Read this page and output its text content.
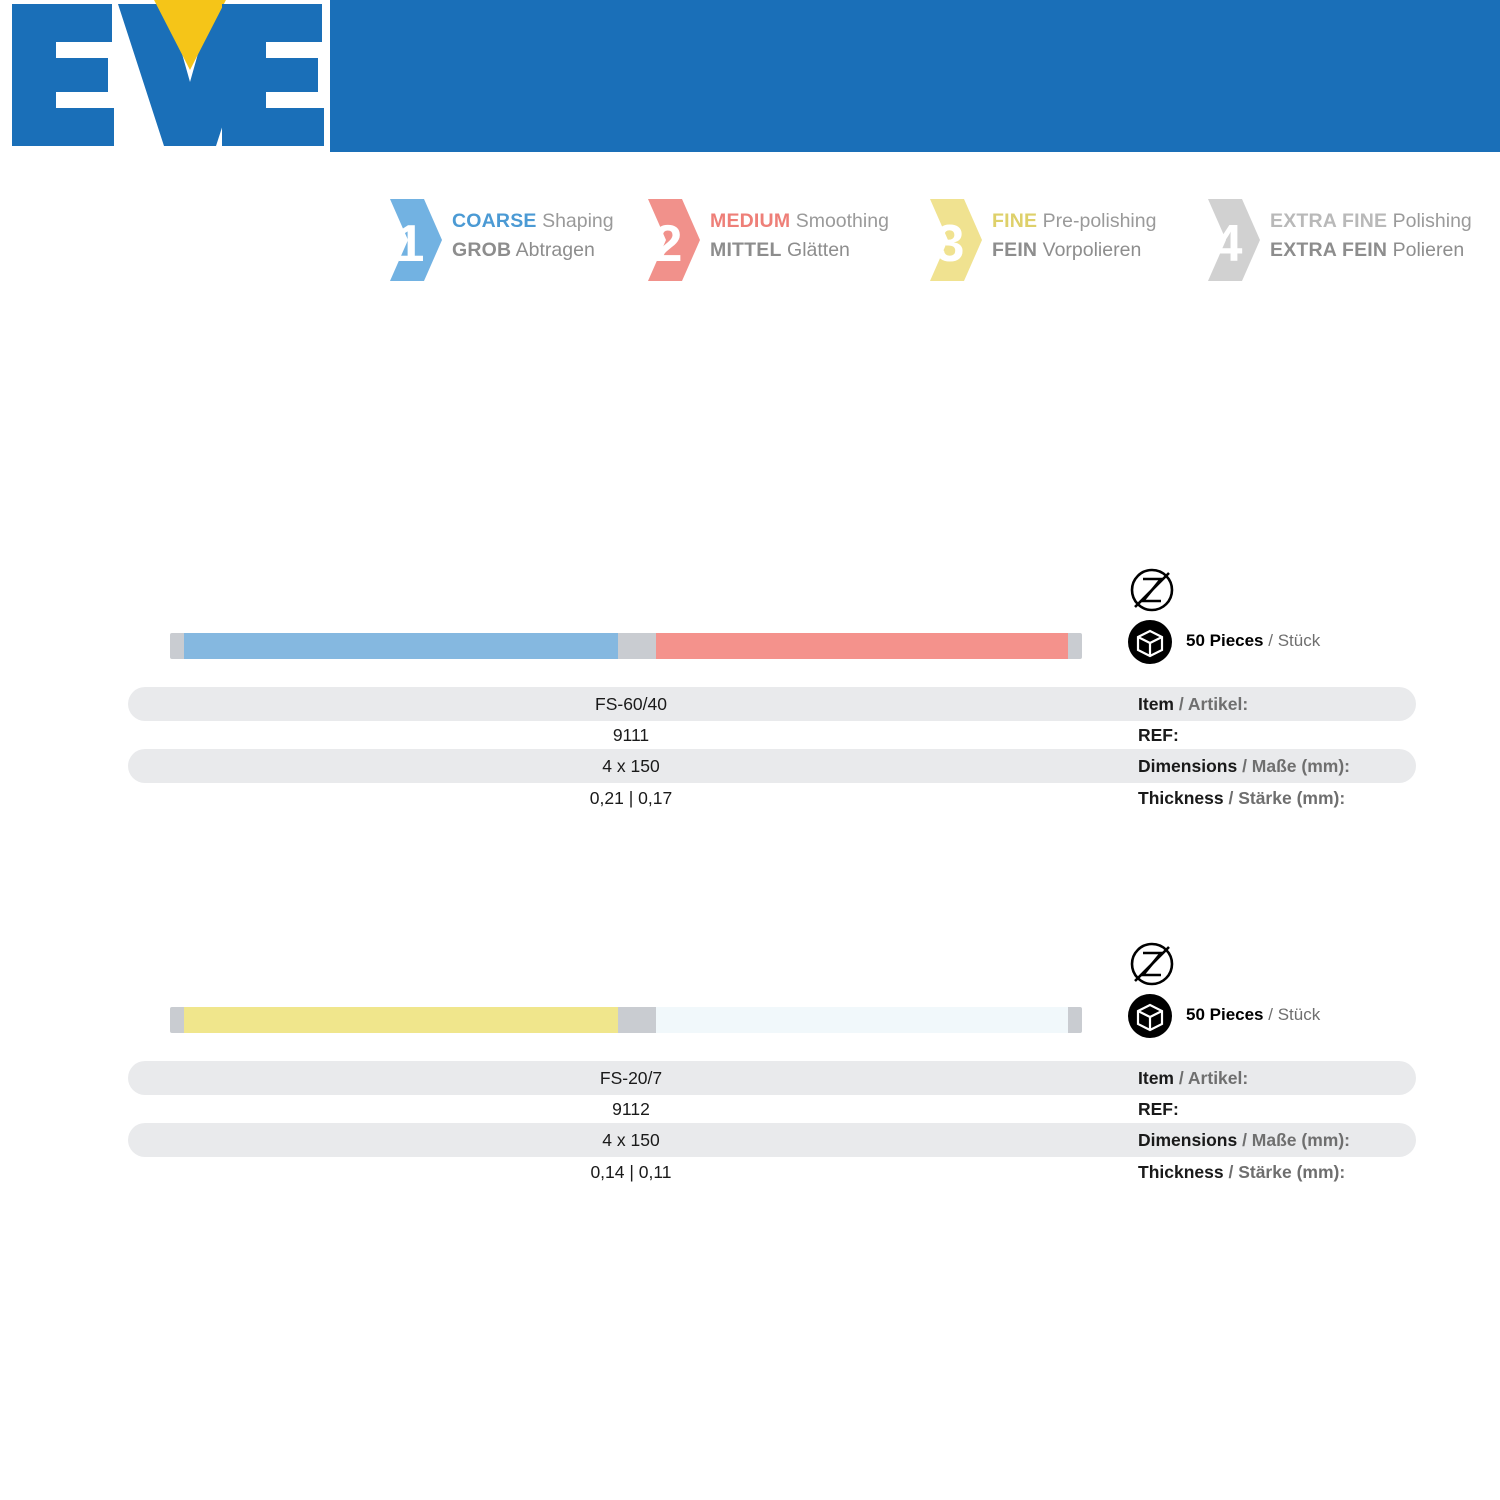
1 COARSE Shaping
GROB Abtragen	2 MEDIUM Smoothing
MITTEL Glätten	3 FINE Pre-polishing
FEIN Vorpolieren 4 EXTRA FINE Polishing
EXTRA FEIN Polieren
50 Pieces / Stück
FS-60/40	Item / Artikel:
9111	REF:
4 x 150	Dimensions / Maße (mm):
0,21 | 0,17	Thickness / Stärke (mm):
50 Pieces / Stück
FS-20/7	Item / Artikel:
9112	REF:
4 x 150	Dimensions / Maße (mm):
0,14 | 0,11	Thickness / Stärke (mm):
